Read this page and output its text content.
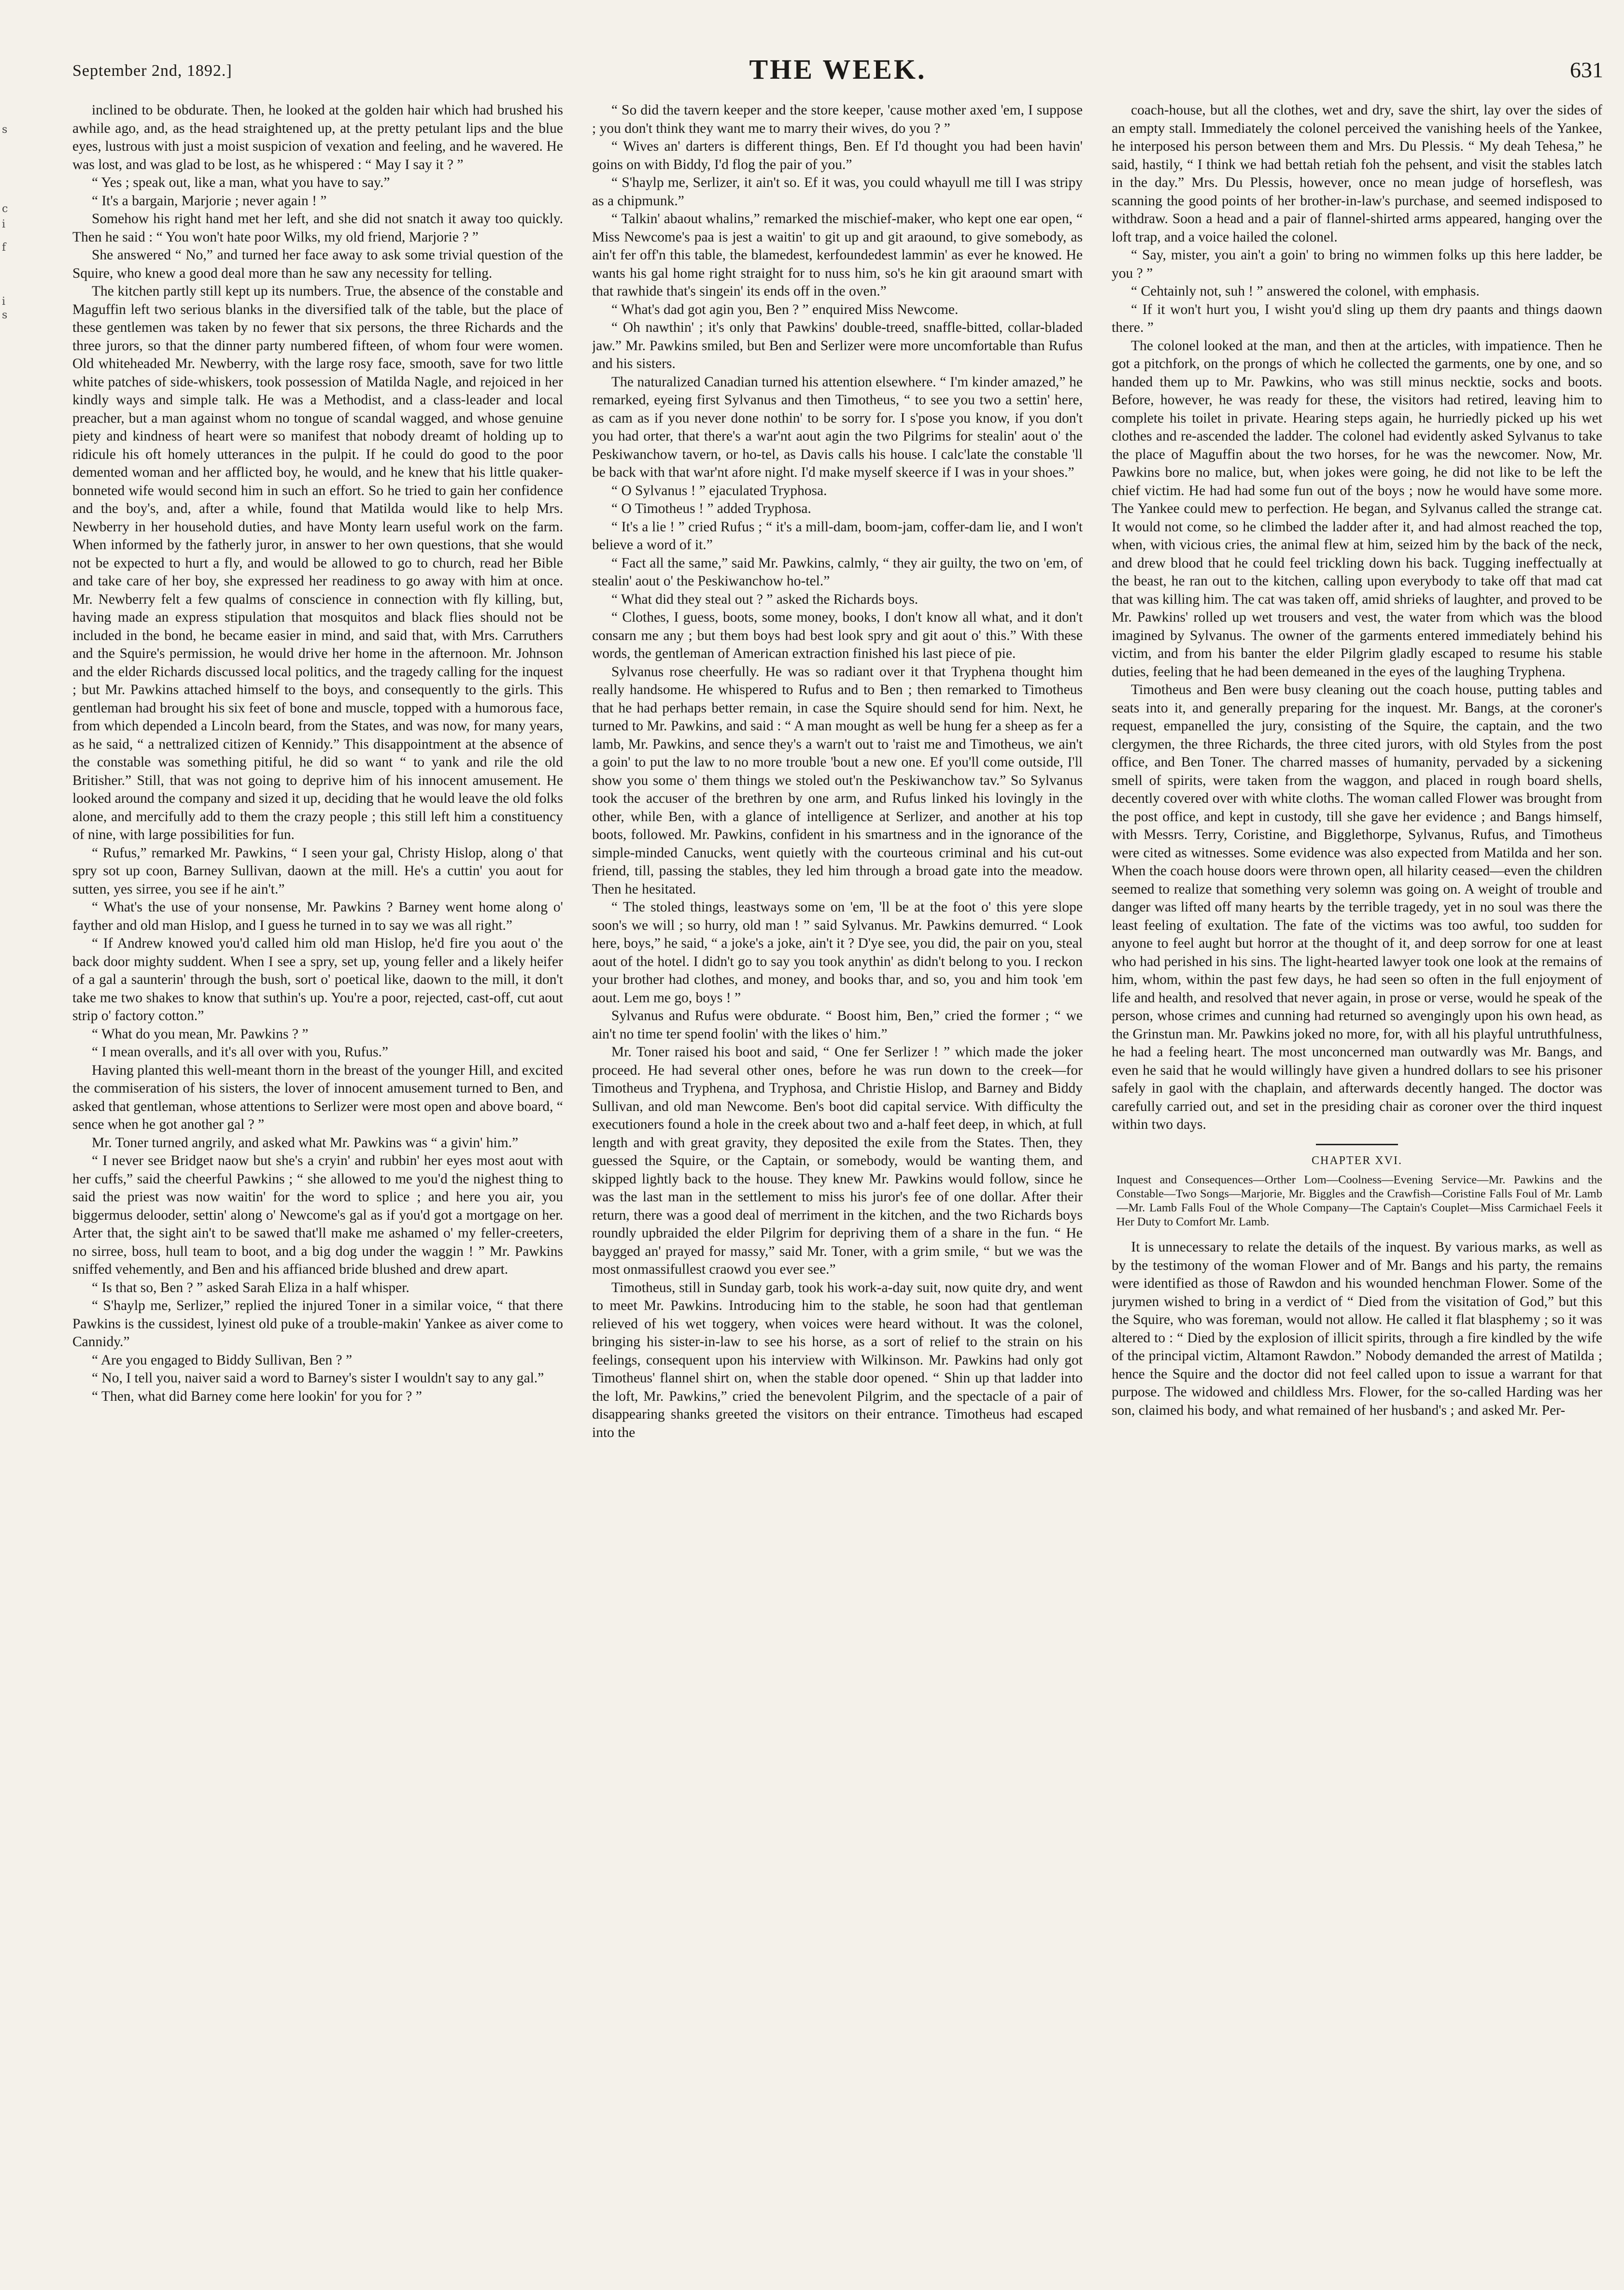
s
c
i
f
i
s
September 2nd, 1892.]	THE WEEK.	631

inclined to be obdurate. Then, he looked at the golden hair which had brushed his awhile ago, and, as the head straightened up, at the pretty petulant lips and the blue eyes, lustrous with just a moist suspicion of vexation and feeling, and he wavered. He was lost, and was glad to be lost, as he whispered : “ May I say it ? ”

“ Yes ; speak out, like a man, what you have to say.”

“ It's a bargain, Marjorie ; never again ! ”

Somehow his right hand met her left, and she did not snatch it away too quickly. Then he said : “ You won't hate poor Wilks, my old friend, Marjorie ? ”

She answered “ No,” and turned her face away to ask some trivial question of the Squire, who knew a good deal more than he saw any necessity for telling.

The kitchen partly still kept up its numbers. True, the absence of the constable and Maguffin left two serious blanks in the diversified talk of the table, but the place of these gentlemen was taken by no fewer that six persons, the three Richards and the three jurors, so that the dinner party numbered fifteen, of whom four were women. Old whiteheaded Mr. Newberry, with the large rosy face, smooth, save for two little white patches of side-whiskers, took possession of Matilda Nagle, and rejoiced in her kindly ways and simple talk. He was a Methodist, and a class-leader and local preacher, but a man against whom no tongue of scandal wagged, and whose genuine piety and kindness of heart were so manifest that nobody dreamt of holding up to ridicule his oft homely utterances in the pulpit. If he could do good to the poor demented woman and her afflicted boy, he would, and he knew that his little quaker-bonneted wife would second him in such an effort. So he tried to gain her confidence and the boy's, and, after a while, found that Matilda would like to help Mrs. Newberry in her household duties, and have Monty learn useful work on the farm. When informed by the fatherly juror, in answer to her own questions, that she would not be expected to hurt a fly, and would be allowed to go to church, read her Bible and take care of her boy, she expressed her readiness to go away with him at once. Mr. Newberry felt a few qualms of conscience in connection with fly killing, but, having made an express stipulation that mosquitos and black flies should not be included in the bond, he became easier in mind, and said that, with Mrs. Carruthers and the Squire's permission, he would drive her home in the afternoon. Mr. Johnson and the elder Richards discussed local politics, and the tragedy calling for the inquest ; but Mr. Pawkins attached himself to the boys, and consequently to the girls. This gentleman had brought his six feet of bone and muscle, topped with a humorous face, from which depended a Lincoln beard, from the States, and was now, for many years, as he said, “ a nettralized citizen of Kennidy.” This disappointment at the absence of the constable was something pitiful, he did so want “ to yank and rile the old Britisher.” Still, that was not going to deprive him of his innocent amusement. He looked around the company and sized it up, deciding that he would leave the old folks alone, and mercifully add to them the crazy people ; this still left him a constituency of nine, with large possibilities for fun.

“ Rufus,” remarked Mr. Pawkins, “ I seen your gal, Christy Hislop, along o' that spry sot up coon, Barney Sullivan, daown at the mill. He's a cuttin' you aout for sutten, yes sirree, you see if he ain't.”

“ What's the use of your nonsense, Mr. Pawkins ? Barney went home along o' fayther and old man Hislop, and I guess he turned in to say we was all right.”

“ If Andrew knowed you'd called him old man Hislop, he'd fire you aout o' the back door mighty suddent. When I see a spry, set up, young feller and a likely heifer of a gal a saunterin' through the bush, sort o' poetical like, daown to the mill, it don't take me two shakes to know that suthin's up. You're a poor, rejected, cast-off, cut aout strip o' factory cotton.”

“ What do you mean, Mr. Pawkins ? ”

“ I mean overalls, and it's all over with you, Rufus.”

Having planted this well-meant thorn in the breast of the younger Hill, and excited the commiseration of his sisters, the lover of innocent amusement turned to Ben, and asked that gentleman, whose attentions to Serlizer were most open and above board, “ sence when he got another gal ? ”

Mr. Toner turned angrily, and asked what Mr. Pawkins was “ a givin' him.”

“ I never see Bridget naow but she's a cryin' and rubbin' her eyes most aout with her cuffs,” said the cheerful Pawkins ; “ she allowed to me you'd the nighest thing to said the priest was now waitin' for the word to splice ; and here you air, you biggermus delooder, settin' along o' Newcome's gal as if you'd got a mortgage on her. Arter that, the sight ain't to be sawed that'll make me ashamed o' my feller-creeters, no sirree, boss, hull team to boot, and a big dog under the waggin ! ” Mr. Pawkins sniffed vehemently, and Ben and his affianced bride blushed and drew apart.

“ Is that so, Ben ? ” asked Sarah Eliza in a half whisper.

“ S'haylp me, Serlizer,” replied the injured Toner in a similar voice, “ that there Pawkins is the cussidest, lyinest old puke of a trouble-makin' Yankee as aiver come to Cannidy.”

“ Are you engaged to Biddy Sullivan, Ben ? ”

“ No, I tell you, naiver said a word to Barney's sister I wouldn't say to any gal.”

“ Then, what did Barney come here lookin' for you for ? ”

“ So did the tavern keeper and the store keeper, 'cause mother axed 'em, I suppose ; you don't think they want me to marry their wives, do you ? ”

“ Wives an' darters is different things, Ben. Ef I'd thought you had been havin' goins on with Biddy, I'd flog the pair of you.”

“ S'haylp me, Serlizer, it ain't so. Ef it was, you could whayull me till I was stripy as a chipmunk.”

“ Talkin' abaout whalins,” remarked the mischief-maker, who kept one ear open, “ Miss Newcome's paa is jest a waitin' to git up and git araound, to give somebody, as ain't fer off'n this table, the blamedest, kerfoundedest lammin' as ever he knowed. He wants his gal home right straight for to nuss him, so's he kin git araound smart with that rawhide that's singein' its ends off in the oven.”

“ What's dad got agin you, Ben ? ” enquired Miss Newcome.

“ Oh nawthin' ; it's only that Pawkins' double-treed, snaffle-bitted, collar-bladed jaw.” Mr. Pawkins smiled, but Ben and Serlizer were more uncomfortable than Rufus and his sisters.

The naturalized Canadian turned his attention elsewhere. “ I'm kinder amazed,” he remarked, eyeing first Sylvanus and then Timotheus, “ to see you two a settin' here, as cam as if you never done nothin' to be sorry for. I s'pose you know, if you don't you had orter, that there's a war'nt aout agin the two Pilgrims for stealin' aout o' the Peskiwanchow tavern, or ho-tel, as Davis calls his house. I calc'late the constable 'll be back with that war'nt afore night. I'd make myself skeerce if I was in your shoes.”

“ O Sylvanus ! ” ejaculated Tryphosa.

“ O Timotheus ! ” added Tryphosa.

“ It's a lie ! ” cried Rufus ; “ it's a mill-dam, boom-jam, coffer-dam lie, and I won't believe a word of it.”

“ Fact all the same,” said Mr. Pawkins, calmly, “ they air guilty, the two on 'em, of stealin' aout o' the Peskiwanchow ho-tel.”

“ What did they steal out ? ” asked the Richards boys.

“ Clothes, I guess, boots, some money, books, I don't know all what, and it don't consarn me any ; but them boys had best look spry and git aout o' this.” With these words, the gentleman of American extraction finished his last piece of pie.

Sylvanus rose cheerfully. He was so radiant over it that Tryphena thought him really handsome. He whispered to Rufus and to Ben ; then remarked to Timotheus that he had perhaps better remain, in case the Squire should send for him. Next, he turned to Mr. Pawkins, and said : “ A man mought as well be hung fer a sheep as fer a lamb, Mr. Pawkins, and sence they's a warn't out to 'raist me and Timotheus, we ain't a goin' to put the law to no more trouble 'bout a new one. Ef you'll come outside, I'll show you some o' them things we stoled out'n the Peskiwanchow tav.” So Sylvanus took the accuser of the brethren by one arm, and Rufus linked his lovingly in the other, while Ben, with a glance of intelligence at Serlizer, and another at his top boots, followed. Mr. Pawkins, confident in his smartness and in the ignorance of the simple-minded Canucks, went quietly with the courteous criminal and his cut-out friend, till, passing the stables, they led him through a broad gate into the meadow. Then he hesitated.

“ The stoled things, leastways some on 'em, 'll be at the foot o' this yere slope soon's we will ; so hurry, old man ! ” said Sylvanus. Mr. Pawkins demurred. “ Look here, boys,” he said, “ a joke's a joke, ain't it ? D'ye see, you did, the pair on you, steal aout of the hotel. I didn't go to say you took anythin' as didn't belong to you. I reckon your brother had clothes, and money, and books thar, and so, you and him took 'em aout. Lem me go, boys ! ”

Sylvanus and Rufus were obdurate. “ Boost him, Ben,” cried the former ; “ we ain't no time ter spend foolin' with the likes o' him.”

Mr. Toner raised his boot and said, “ One fer Serlizer ! ” which made the joker proceed. He had several other ones, before he was run down to the creek—for Timotheus and Tryphena, and Tryphosa, and Christie Hislop, and Barney and Biddy Sullivan, and old man Newcome. Ben's boot did capital service. With difficulty the executioners found a hole in the creek about two and a-half feet deep, in which, at full length and with great gravity, they deposited the exile from the States. Then, they guessed the Squire, or the Captain, or somebody, would be wanting them, and skipped lightly back to the house. They knew Mr. Pawkins would follow, since he was the last man in the settlement to miss his juror's fee of one dollar. After their return, there was a good deal of merriment in the kitchen, and the two Richards boys roundly upbraided the elder Pilgrim for depriving them of a share in the fun. “ He baygged an' prayed for massy,” said Mr. Toner, with a grim smile, “ but we was the most onmassifullest craowd you ever see.”

Timotheus, still in Sunday garb, took his work-a-day suit, now quite dry, and went to meet Mr. Pawkins. Introducing him to the stable, he soon had that gentleman relieved of his wet toggery, when voices were heard without. It was the colonel, bringing his sister-in-law to see his horse, as a sort of relief to the strain on his feelings, consequent upon his interview with Wilkinson. Mr. Pawkins had only got Timotheus' flannel shirt on, when the stable door opened. “ Shin up that ladder into the loft, Mr. Pawkins,” cried the benevolent Pilgrim, and the spectacle of a pair of disappearing shanks greeted the visitors on their entrance. Timotheus had escaped into the

coach-house, but all the clothes, wet and dry, save the shirt, lay over the sides of an empty stall. Immediately the colonel perceived the vanishing heels of the Yankee, he interposed his person between them and Mrs. Du Plessis. “ My deah Tehesa,” he said, hastily, “ I think we had bettah retiah foh the pehsent, and visit the stables latch in the day.” Mrs. Du Plessis, however, once no mean judge of horseflesh, was scanning the good points of her brother-in-law's purchase, and seemed indisposed to withdraw. Soon a head and a pair of flannel-shirted arms appeared, hanging over the loft trap, and a voice hailed the colonel.

“ Say, mister, you ain't a goin' to bring no wimmen folks up this here ladder, be you ? ”

“ Cehtainly not, suh ! ” answered the colonel, with emphasis.

“ If it won't hurt you, I wisht you'd sling up them dry paants and things daown there. ”

The colonel looked at the man, and then at the articles, with impatience. Then he got a pitchfork, on the prongs of which he collected the garments, one by one, and so handed them up to Mr. Pawkins, who was still minus necktie, socks and boots. Before, however, he was ready for these, the visitors had retired, leaving him to complete his toilet in private. Hearing steps again, he hurriedly picked up his wet clothes and re-ascended the ladder. The colonel had evidently asked Sylvanus to take the place of Maguffin about the two horses, for he was the newcomer. Now, Mr. Pawkins bore no malice, but, when jokes were going, he did not like to be left the chief victim. He had had some fun out of the boys ; now he would have some more. The Yankee could mew to perfection. He began, and Sylvanus called the strange cat. It would not come, so he climbed the ladder after it, and had almost reached the top, when, with vicious cries, the animal flew at him, seized him by the back of the neck, and drew blood that he could feel trickling down his back. Tugging ineffectually at the beast, he ran out to the kitchen, calling upon everybody to take off that mad cat that was killing him. The cat was taken off, amid shrieks of laughter, and proved to be Mr. Pawkins' rolled up wet trousers and vest, the water from which was the blood imagined by Sylvanus. The owner of the garments entered immediately behind his victim, and from his banter the elder Pilgrim gladly escaped to resume his stable duties, feeling that he had been demeaned in the eyes of the laughing Tryphena.

Timotheus and Ben were busy cleaning out the coach house, putting tables and seats into it, and generally preparing for the inquest. Mr. Bangs, at the coroner's request, empanelled the jury, consisting of the Squire, the captain, and the two clergymen, the three Richards, the three cited jurors, with old Styles from the post office, and Ben Toner. The charred masses of humanity, pervaded by a sickening smell of spirits, were taken from the waggon, and placed in rough board shells, decently covered over with white cloths. The woman called Flower was brought from the post office, and kept in custody, till she gave her evidence ; and Bangs himself, with Messrs. Terry, Coristine, and Bigglethorpe, Sylvanus, Rufus, and Timotheus were cited as witnesses. Some evidence was also expected from Matilda and her son. When the coach house doors were thrown open, all hilarity ceased—even the children seemed to realize that something very solemn was going on. A weight of trouble and danger was lifted off many hearts by the terrible tragedy, yet in no soul was there the least feeling of exultation. The fate of the victims was too awful, too sudden for anyone to feel aught but horror at the thought of it, and deep sorrow for one at least who had perished in his sins. The light-hearted lawyer took one look at the remains of him, whom, within the past few days, he had seen so often in the full enjoyment of life and health, and resolved that never again, in prose or verse, would he speak of the person, whose crimes and cunning had returned so avengingly upon his own head, as the Grinstun man. Mr. Pawkins joked no more, for, with all his playful untruthfulness, he had a feeling heart. The most unconcerned man outwardly was Mr. Bangs, and even he said that he would willingly have given a hundred dollars to see his prisoner safely in gaol with the chaplain, and afterwards decently hanged. The doctor was carefully carried out, and set in the presiding chair as coroner over the third inquest within two days.

CHAPTER XVI.
Inquest and Consequences—Orther Lom—Coolness—Evening Service—Mr. Pawkins and the Constable—Two Songs—Marjorie, Mr. Biggles and the Crawfish—Coristine Falls Foul of Mr. Lamb—Mr. Lamb Falls Foul of the Whole Company—The Captain's Couplet—Miss Carmichael Feels it Her Duty to Comfort Mr. Lamb.

It is unnecessary to relate the details of the inquest. By various marks, as well as by the testimony of the woman Flower and of Mr. Bangs and his party, the remains were identified as those of Rawdon and his wounded henchman Flower. Some of the jurymen wished to bring in a verdict of “ Died from the visitation of God,” but this the Squire, who was foreman, would not allow. He called it flat blasphemy ; so it was altered to : “ Died by the explosion of illicit spirits, through a fire kindled by the wife of the principal victim, Altamont Rawdon.” Nobody demanded the arrest of Matilda ; hence the Squire and the doctor did not feel called upon to issue a warrant for that purpose. The widowed and childless Mrs. Flower, for the so-called Harding was her son, claimed his body, and what remained of her husband's ; and asked Mr. Per-
